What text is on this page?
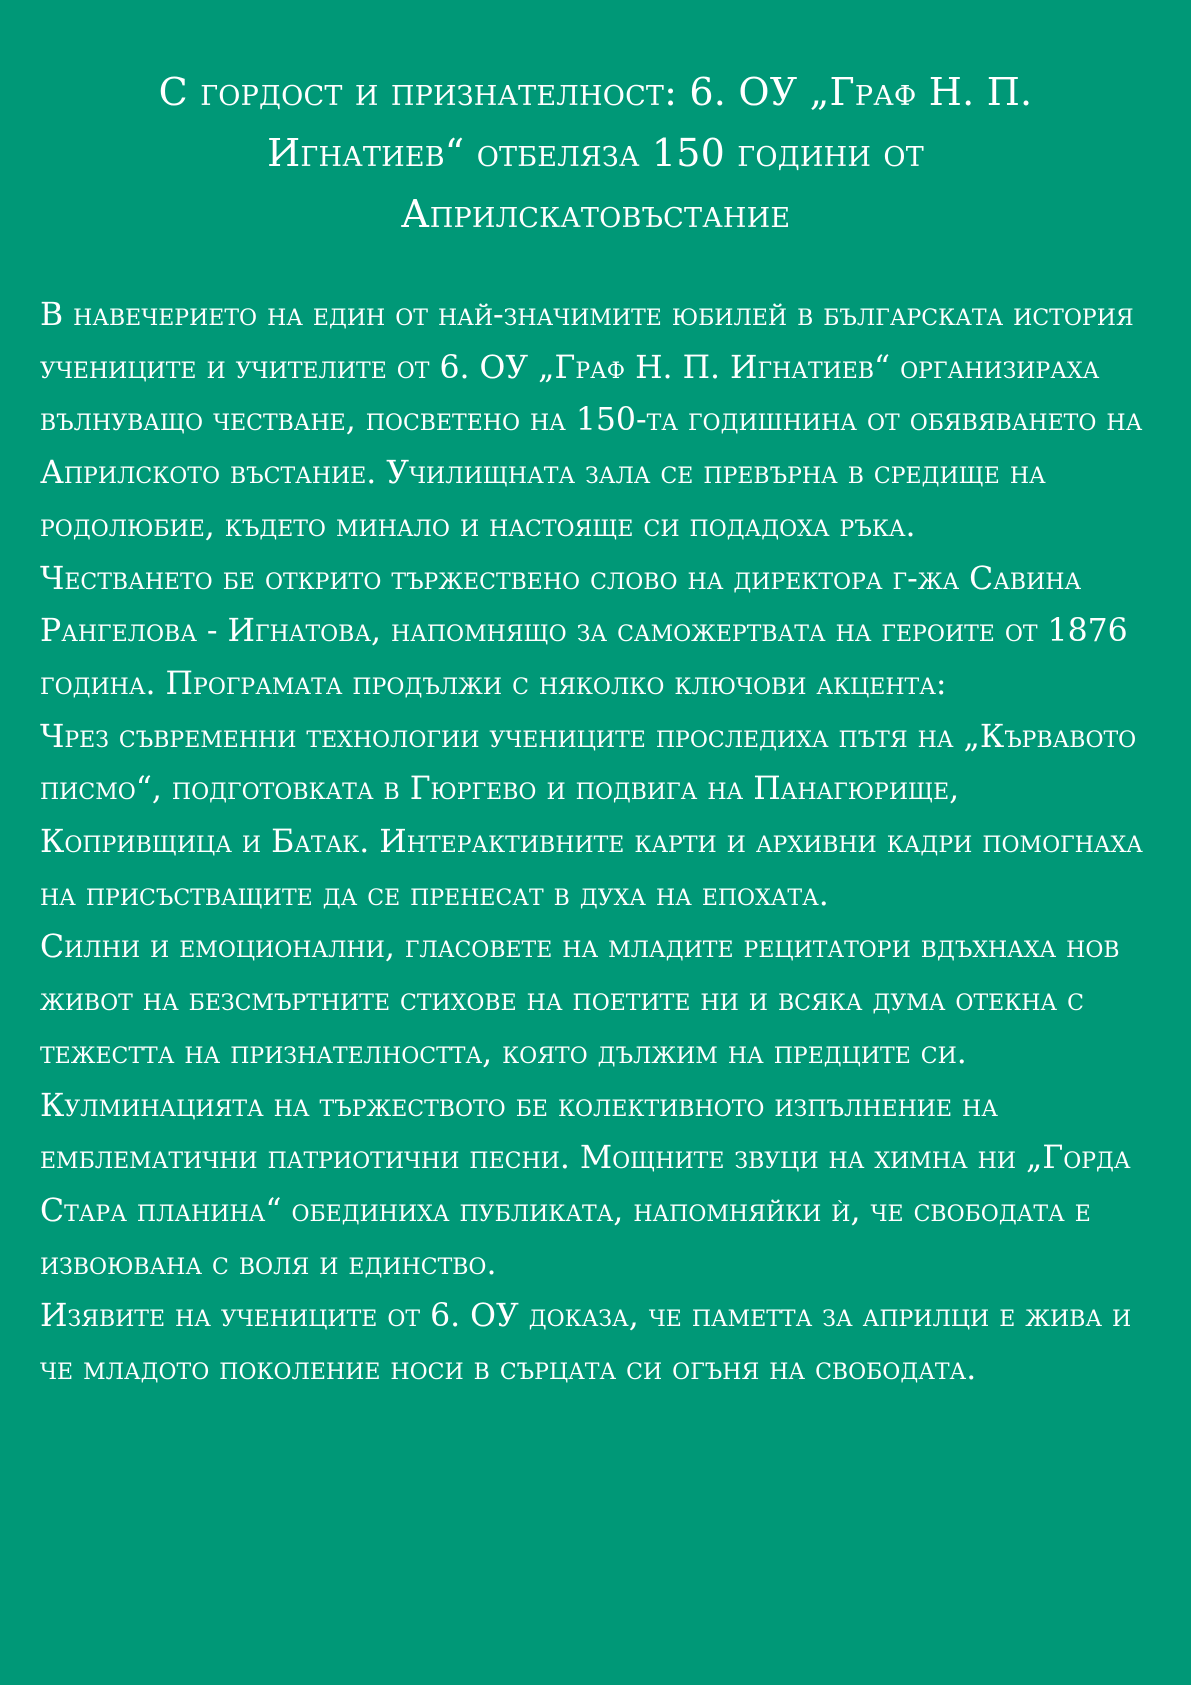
С гордост и признателност: 6. ОУ „Граф Н. П. Игнатиев“ отбеляза 150 години от Априлскатовъстание

В навечерието на един от най-значимите юбилей в българската история учениците и учителите от 6. ОУ „Граф Н. П. Игнатиев“ организираха вълнуващо честване, посветено на 150-та годишнина от обявяването на Априлското въстание. Училищната зала се превърна в средище на родолюбие, където минало и настояще си подадоха ръка.

Честването бе открито тържествено слово на директора г-жа Савина Рангелова - Игнатова, напомнящо за саможертвата на героите от 1876 година. Програмата продължи с няколко ключови акцента:

Чрез съвременни технологии учениците проследиха пътя на „Кървавото писмо“, подготовката в Гюргево и подвига на Панагюрище, Копривщица и Батак. Интерактивните карти и архивни кадри помогнаха на присъстващите да се пренесат в духа на епохата.

Силни и емоционални, гласовете на младите рецитатори вдъхнаха нов живот на безсмъртните стихове на поетите ни и всяка дума отекна с тежестта на признателността, която дължим на предците си.

Кулминацията на тържеството бе колективното изпълнение на емблематични патриотични песни. Мощните звуци на химна ни „Горда Стара планина“ обединиха публиката, напомняйки ѝ, че свободата е извоювана с воля и единство.

Изявите на учениците от 6. ОУ доказа, че паметта за априлци е жива и че младото поколение носи в сърцата си огъня на свободата.
